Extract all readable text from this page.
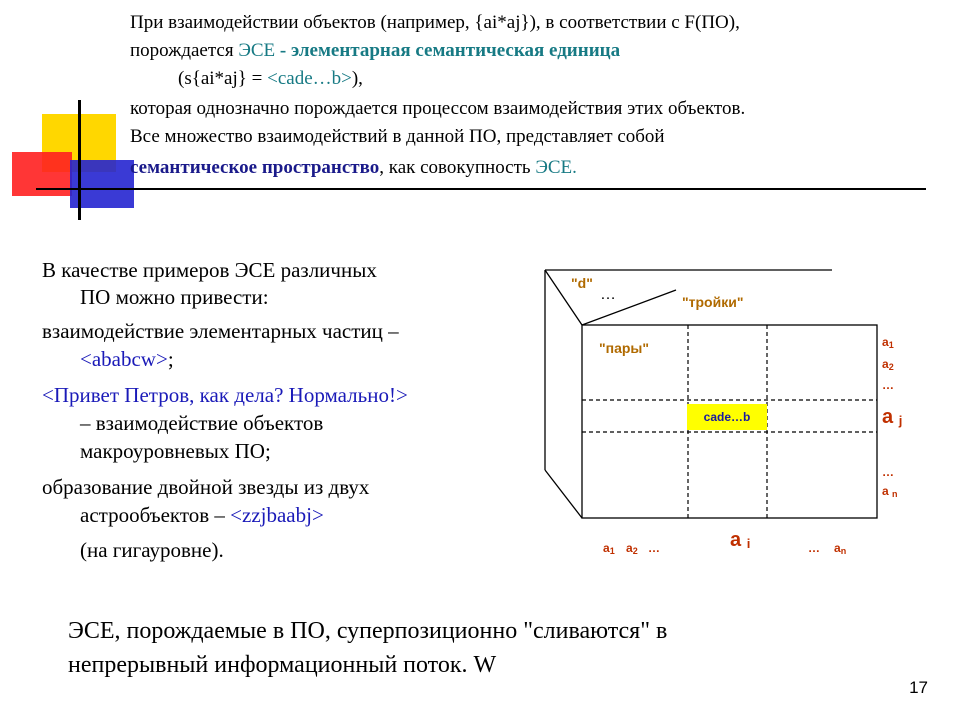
При взаимодействии объектов (например, {ai*aj}), в соответствии с F(ПО),
порождается ЭСЕ - элементарная семантическая единица
(s{ai*aj} = <cade…b>),
которая однозначно порождается процессом взаимодействия этих объектов.
Все множество взаимодействий в данной ПО, представляет собой
семантическое пространство, как совокупность ЭСЕ.
В качестве примеров ЭСЕ различных
ПО можно привести:
взаимодействие элементарных частиц –
<ababcw>;
<Привет Петров, как дела? Нормально!>
– взаимодействие объектов
макроуровневых ПО;
образование двойной звезды из двух
астрообъектов – <zzjbaabj>
(на гигауровне).
"d"
…	"тройки"
"пары"
cade…b
$a_1$
$a_2$
…
a $_j$
…
a $_n$
$a_1$ $a_2$ …	a $_i$	… $a_n$
ЭСЕ, порождаемые в ПО, суперпозиционно "сливаются" в
непрерывный информационный поток. W
17
